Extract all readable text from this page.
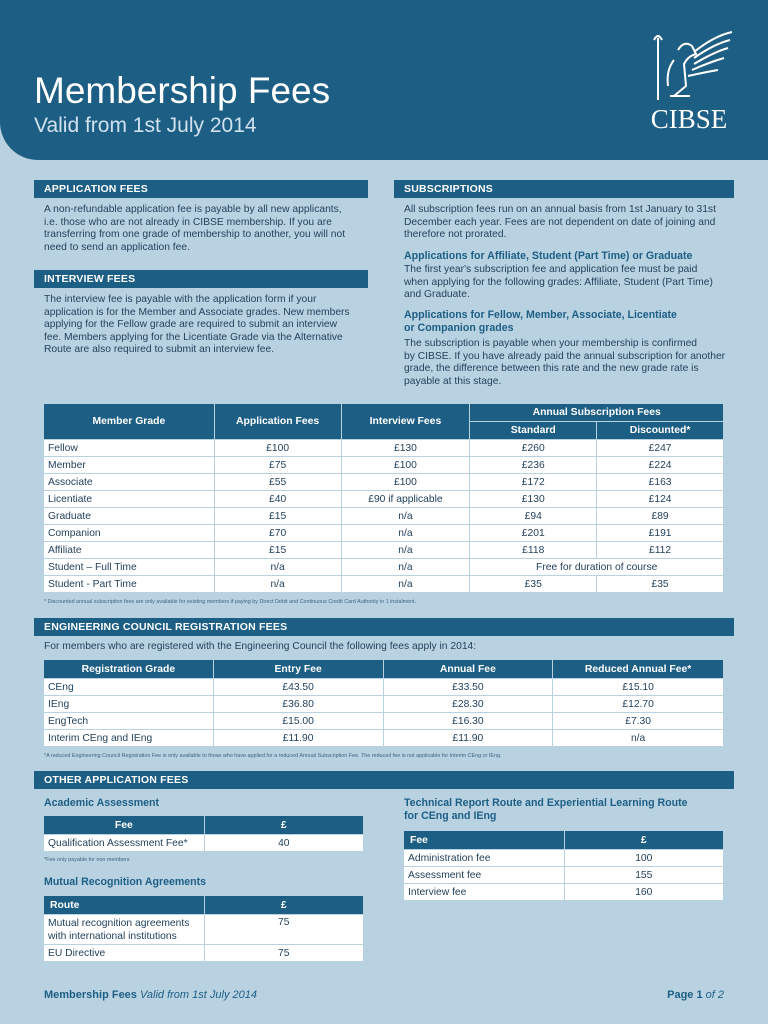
Membership Fees
Valid from 1st July 2014	CIBSE
APPLICATION FEES
A non-refundable application fee is payable by all new applicants,
i.e. those who are not already in CIBSE membership. If you are
transferring from one grade of membership to another, you will not
need to send an application fee.
INTERVIEW FEES
The interview fee is payable with the application form if your
application is for the Member and Associate grades. New members
applying for the Fellow grade are required to submit an interview
fee. Members applying for the Licentiate Grade via the Alternative
Route are also required to submit an interview fee.
SUBSCRIPTIONS
All subscription fees run on an annual basis from 1st January to 31st
December each year. Fees are not dependent on date of joining and
therefore not prorated.
Applications for Affiliate, Student (Part Time) or Graduate
The first year's subscription fee and application fee must be paid
when applying for the following grades: Affiliate, Student (Part Time)
and Graduate.
Applications for Fellow, Member, Associate, Licentiate
or Companion grades
The subscription is payable when your membership is confirmed
by CIBSE. If you have already paid the annual subscription for another
grade, the difference between this rate and the new grade rate is
payable at this stage.
Member Grade	Application Fees	Interview Fees	Annual Subscription Fees	
			Standard	Discounted*
Fellow	£100	£130	£260	£247
Member	£75	£100	£236	£224
Associate	£55	£100	£172	£163
Licentiate	£40	£90 if applicable	£130	£124
Graduate	£15	n/a	£94	£89
Companion	£70	n/a	£201	£191
Affiliate	£15	n/a	£118	£112
Student – Full Time	n/a	n/a	Free for duration of course	
Student - Part Time	n/a	n/a	£35	£35
* Discounted annual subscription fees are only available for existing members if paying by Direct Debit and Continuous Credit Card Authority in 1 instalment.
ENGINEERING COUNCIL REGISTRATION FEES
For members who are registered with the Engineering Council the following fees apply in 2014:
Registration Grade	Entry Fee	Annual Fee	Reduced Annual Fee*
CEng	£43.50	£33.50	£15.10
IEng	£36.80	£28.30	£12.70
EngTech	£15.00	£16.30	£7.30
Interim CEng and IEng	£11.90	£11.90	n/a
*A reduced Engineering Council Registration Fee is only available to those who have applied for a reduced Annual Subscription Fee. The reduced fee is not applicable for Interim CEng or IEng.
OTHER APPLICATION FEES
Academic Assessment
Fee	£
Qualification Assessment Fee*	40
*Fee only payable for non members
Mutual Recognition Agreements
Route	£

Mutual recognition agreements
with international institutions	75
EU Directive	75
Technical Report Route and Experiential Learning Route
for CEng and IEng
Fee	£
Administration fee	100
Assessment fee	155
Interview fee	160
Membership Fees Valid from 1st July 2014	Page 1 of 2
